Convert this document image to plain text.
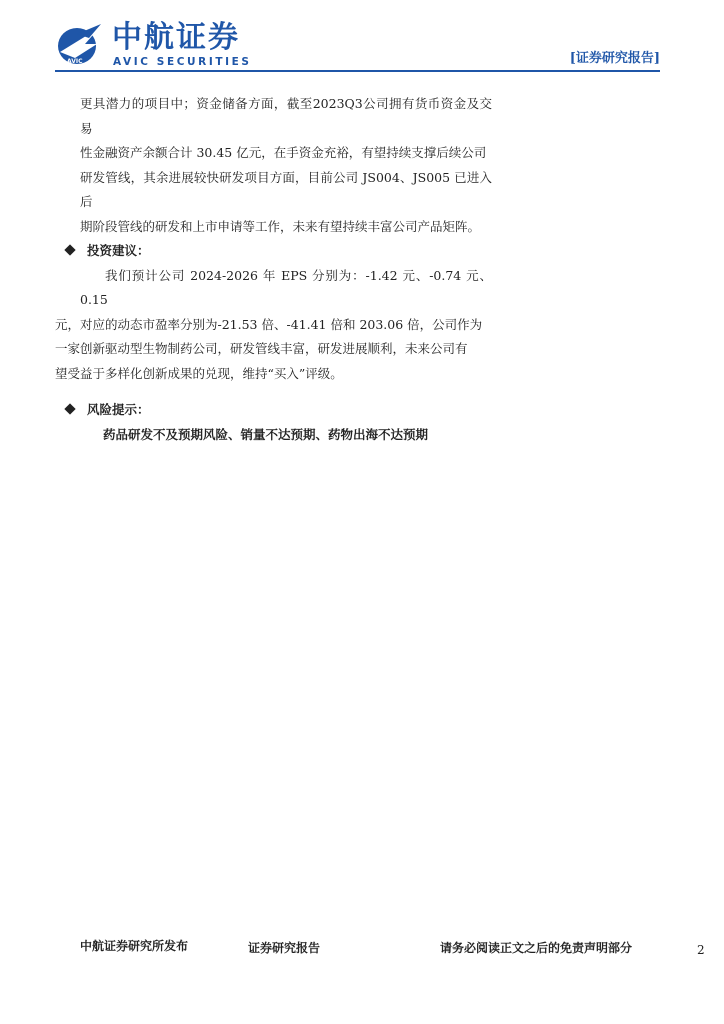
AVIC
中航证券
AVIC SECURITIES	[证券研究报告]

更具潜力的项目中；资金储备方面，截至2023Q3公司拥有货币资金及交易
性金融资产余额合计 30.45 亿元，在手资金充裕，有望持续支撑后续公司
研发管线，其余进展较快研发项目方面，目前公司 JS004、JS005 已进入后
期阶段管线的研发和上市申请等工作，未来有望持续丰富公司产品矩阵。

投资建议：

我们预计公司 2024-2026 年 EPS 分别为：-1.42 元、-0.74 元、0.15
元，对应的动态市盈率分别为-21.53 倍、-41.41 倍和 203.06 倍，公司作为
一家创新驱动型生物制药公司，研发管线丰富，研发进展顺利，未来公司有
望受益于多样化创新成果的兑现，维持“买入”评级。

风险提示：

药品研发不及预期风险、销量不达预期、药物出海不达预期

中航证券研究所发布	证券研究报告	请务必阅读正文之后的免责声明部分	2
